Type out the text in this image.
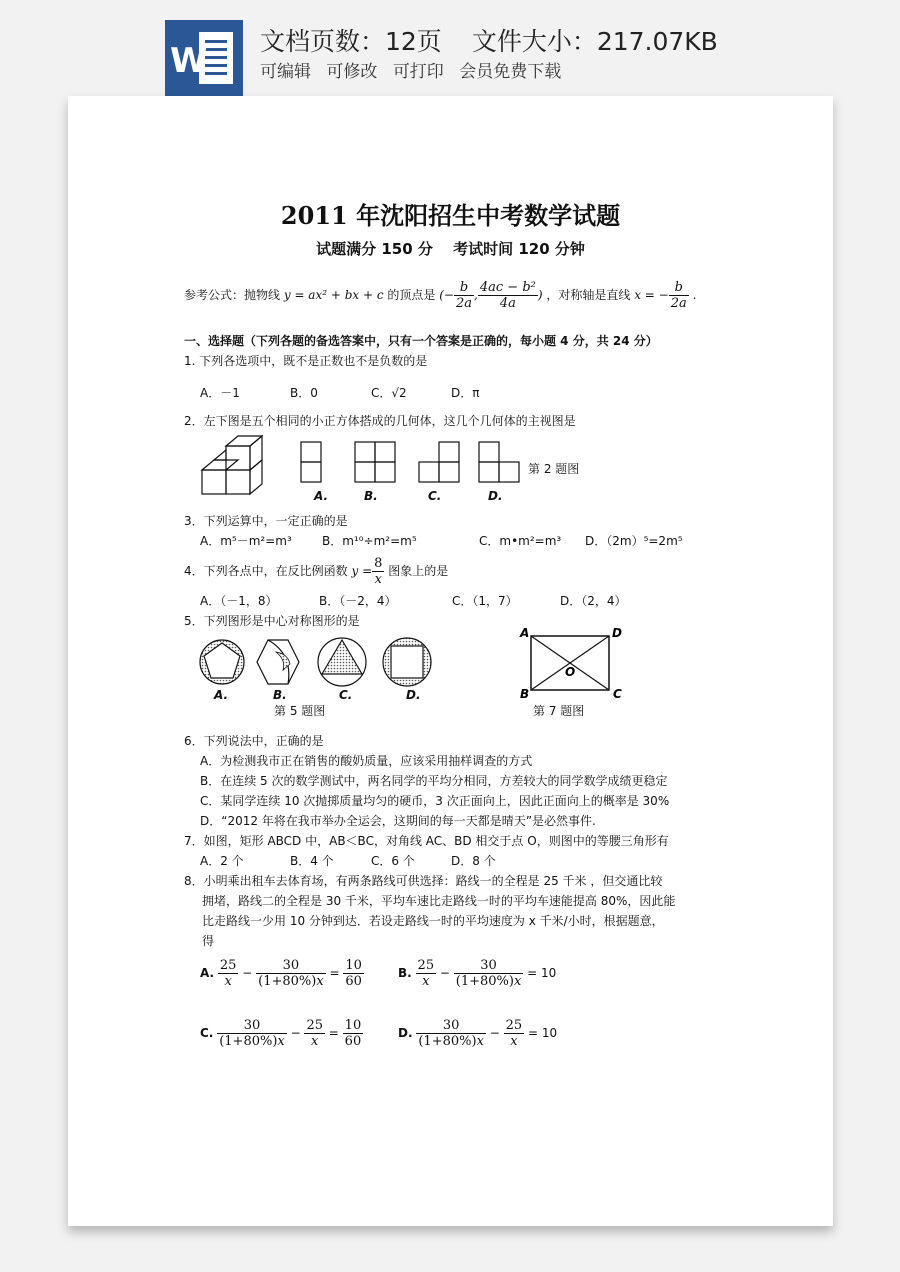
W 文档页数：12页 文件大小：217.07KB
可编辑 可修改 可打印 会员免费下载
2011 年沈阳招生中考数学试题
试题满分 150 分　 考试时间 120 分钟
参考公式：抛物线 y = ax² + bx + c 的顶点是 (− $\frac{b}{2a}$ , $\frac{\text{4ac − b²}}{4a}$ ) ，对称轴是直线 x = − $\frac{b}{2a}$ .
一、选择题（下列各题的备选答案中，只有一个答案是正确的，每小题 4 分，共 24 分）
1. 下列各选项中，既不是正数也不是负数的是
A．－1	B．0	C．√2	D．π
2．左下图是五个相同的小正方体搭成的几何体，这几个几何体的主视图是
A.	B.	C.	D.
第 2 题图
3．下列运算中，一定正确的是
A．m⁵－m²=m³	B．m¹⁰÷m²=m⁵	C．m•m²=m³ D．（2m）⁵=2m⁵
4．下列各点中，在反比例函数 $y = \frac{8}{x}$ 图象上的是
A．（－1，8）	B．（－2，4）	C．（1，7）	D．（2，4）
5．下列图形是中心对称图形的是
A.	B.	C.	D.
第 5 题图
A	D
O
B	C
第 7 题图
6．下列说法中，正确的是
A．为检测我市正在销售的酸奶质量，应该采用抽样调查的方式
B．在连续 5 次的数学测试中，两名同学的平均分相同，方差较大的同学数学成绩更稳定
C．某同学连续 10 次抛掷质量均匀的硬币，3 次正面向上，因此正面向上的概率是 30%
D．“2012 年将在我市举办全运会，这期间的每一天都是晴天”是必然事件.
7．如图，矩形 ABCD 中，AB＜BC，对角线 AC、BD 相交于点 O，则图中的等腰三角形有
A．2 个	B．4 个	C．6 个	D．8 个
8．小明乘出租车去体育场，有两条路线可供选择：路线一的全程是 25 千米 ，但交通比较
拥堵，路线二的全程是 30 千米，平均车速比走路线一时的平均车速能提高 80%，因此能
比走路线一少用 10 分钟到达．若设走路线一时的平均速度为 x 千米/小时，根据题意，
得
A. $\frac{25}{x} - \frac{30}{(1+80\%)x} = \frac{10}{60}$	B. $\frac{25}{x} - \frac{30}{(1+80\%)x} = 10$
C. $\frac{30}{(1+80\%)x} - \frac{25}{x} = \frac{10}{60}$	D. $\frac{30}{(1+80\%)x} - \frac{25}{x} = 10$
